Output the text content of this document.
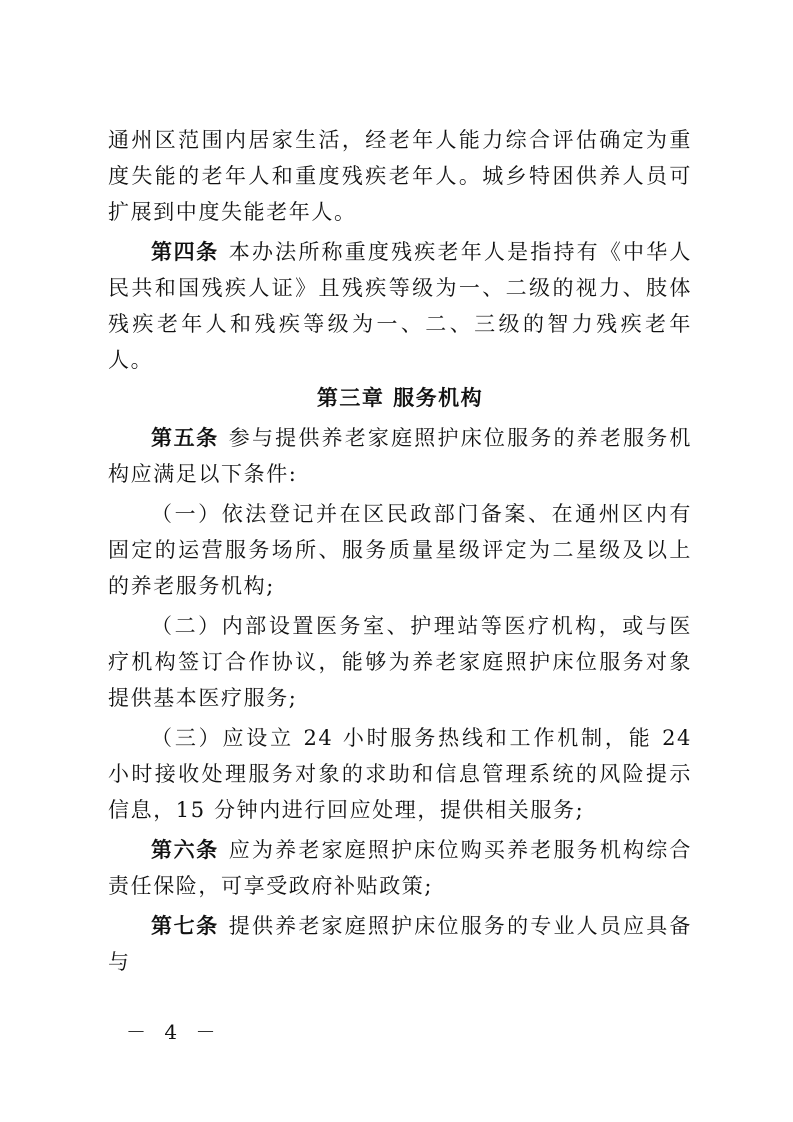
通州区范围内居家生活，经老年人能力综合评估确定为重度失能的老年人和重度残疾老年人。城乡特困供养人员可扩展到中度失能老年人。

第四条 本办法所称重度残疾老年人是指持有《中华人民共和国残疾人证》且残疾等级为一、二级的视力、肢体残疾老年人和残疾等级为一、二、三级的智力残疾老年人。

第三章 服务机构

第五条 参与提供养老家庭照护床位服务的养老服务机构应满足以下条件:

（一）依法登记并在区民政部门备案、在通州区内有固定的运营服务场所、服务质量星级评定为二星级及以上的养老服务机构;

（二）内部设置医务室、护理站等医疗机构，或与医疗机构签订合作协议，能够为养老家庭照护床位服务对象提供基本医疗服务;

（三）应设立 24 小时服务热线和工作机制，能 24 小时接收处理服务对象的求助和信息管理系统的风险提示信息，15 分钟内进行回应处理，提供相关服务;

第六条 应为养老家庭照护床位购买养老服务机构综合责任保险，可享受政府补贴政策;

第七条 提供养老家庭照护床位服务的专业人员应具备与

－ 4 －
